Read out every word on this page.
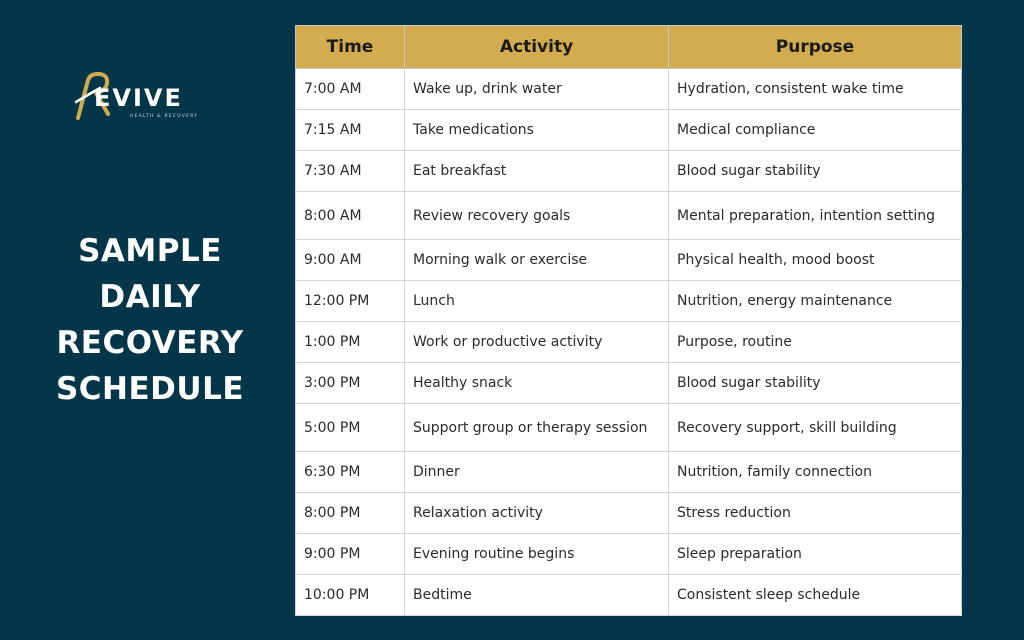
EVIVE
HEALTH & RECOVERY
SAMPLE
DAILY
RECOVERY
SCHEDULE
Time	Activity	Purpose
7:00 AM	Wake up, drink water	Hydration, consistent wake time
7:15 AM	Take medications	Medical compliance
7:30 AM	Eat breakfast	Blood sugar stability
8:00 AM	Review recovery goals	Mental preparation, intention setting
9:00 AM	Morning walk or exercise	Physical health, mood boost
12:00 PM	Lunch	Nutrition, energy maintenance
1:00 PM	Work or productive activity	Purpose, routine
3:00 PM	Healthy snack	Blood sugar stability
5:00 PM	Support group or therapy session	Recovery support, skill building
6:30 PM	Dinner	Nutrition, family connection
8:00 PM	Relaxation activity	Stress reduction
9:00 PM	Evening routine begins	Sleep preparation
10:00 PM	Bedtime	Consistent sleep schedule
